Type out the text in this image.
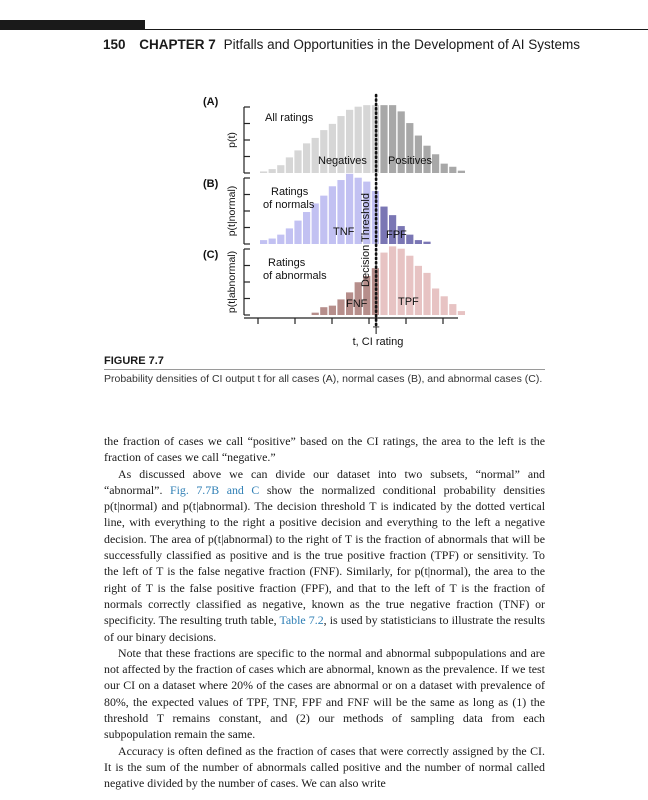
150 CHAPTER 7 Pitfalls and Opportunities in the Development of AI Systems
(A)
p(t)
All ratings
Negatives Positives
(B)
p(t|normal)	Ratings
of normals
TNF	FPF
(C) p(t|abnormal)	Ratings
of abnormals
FNF	TPF
Decision Threshold
T
t, CI rating
FIGURE 7.7
Probability densities of CI output t for all cases (A), normal cases (B), and abnormal cases (C).

the fraction of cases we call “positive” based on the CI ratings, the area to the left is the fraction of cases we call “negative.”

As discussed above we can divide our dataset into two subsets, “normal” and “abnormal”. Fig. 7.7B and C show the normalized conditional probability densities p(t|normal) and p(t|abnormal). The decision threshold T is indicated by the dotted vertical line, with everything to the right a positive decision and everything to the left a negative decision. The area of p(t|abnormal) to the right of T is the fraction of abnormals that will be successfully classified as positive and is the true positive fraction (TPF) or sensitivity. To the left of T is the false negative fraction (FNF). Similarly, for p(t|normal), the area to the right of T is the false positive fraction (FPF), and that to the left of T is the fraction of normals correctly classified as negative, known as the true negative fraction (TNF) or specificity. The resulting truth table, Table 7.2, is used by statisticians to illustrate the results of our binary decisions.

Note that these fractions are specific to the normal and abnormal subpopulations and are not affected by the fraction of cases which are abnormal, known as the prevalence. If we test our CI on a dataset where 20% of the cases are abnormal or on a dataset with prevalence of 80%, the expected values of TPF, TNF, FPF and FNF will be the same as long as (1) the threshold T remains constant, and (2) our methods of sampling data from each subpopulation remain the same.

Accuracy is often defined as the fraction of cases that were correctly assigned by the CI. It is the sum of the number of abnormals called positive and the number of normal called negative divided by the number of cases. We can also write
